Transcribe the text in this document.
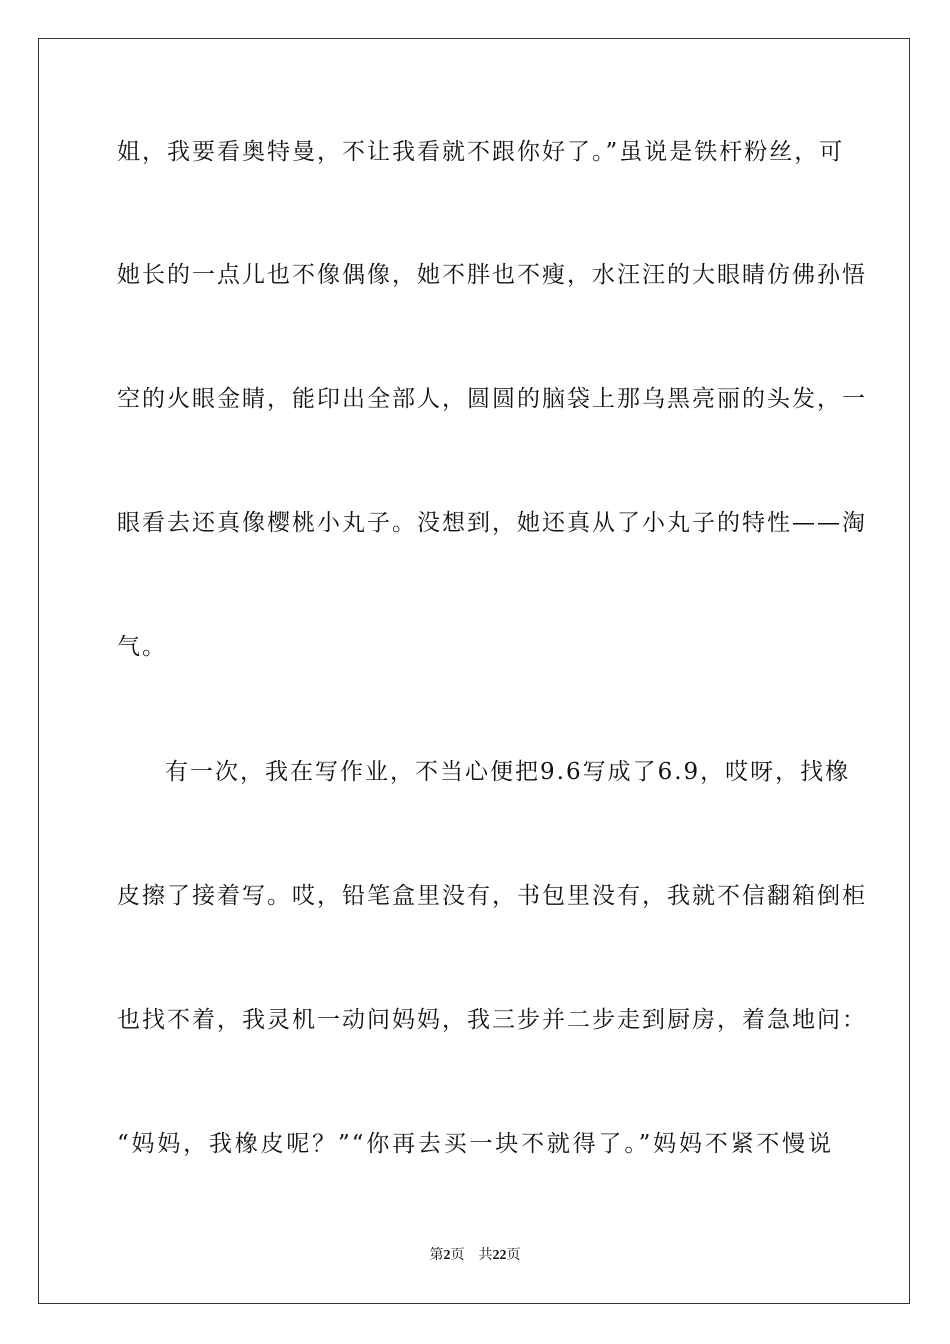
姐，我要看奥特曼，不让我看就不跟你好了。”虽说是铁杆粉丝，可
她长的一点儿也不像偶像，她不胖也不瘦，水汪汪的大眼睛仿佛孙悟
空的火眼金睛，能印出全部人，圆圆的脑袋上那乌黑亮丽的头发，一
眼看去还真像樱桃小丸子。没想到，她还真从了小丸子的特性——淘
气。
有一次，我在写作业，不当心便把9.6写成了6.9，哎呀，找橡
皮擦了接着写。哎，铅笔盒里没有，书包里没有，我就不信翻箱倒柜
也找不着，我灵机一动问妈妈，我三步并二步走到厨房，着急地问：
“妈妈，我橡皮呢？”“你再去买一块不就得了。”妈妈不紧不慢说
第2页 共22页
